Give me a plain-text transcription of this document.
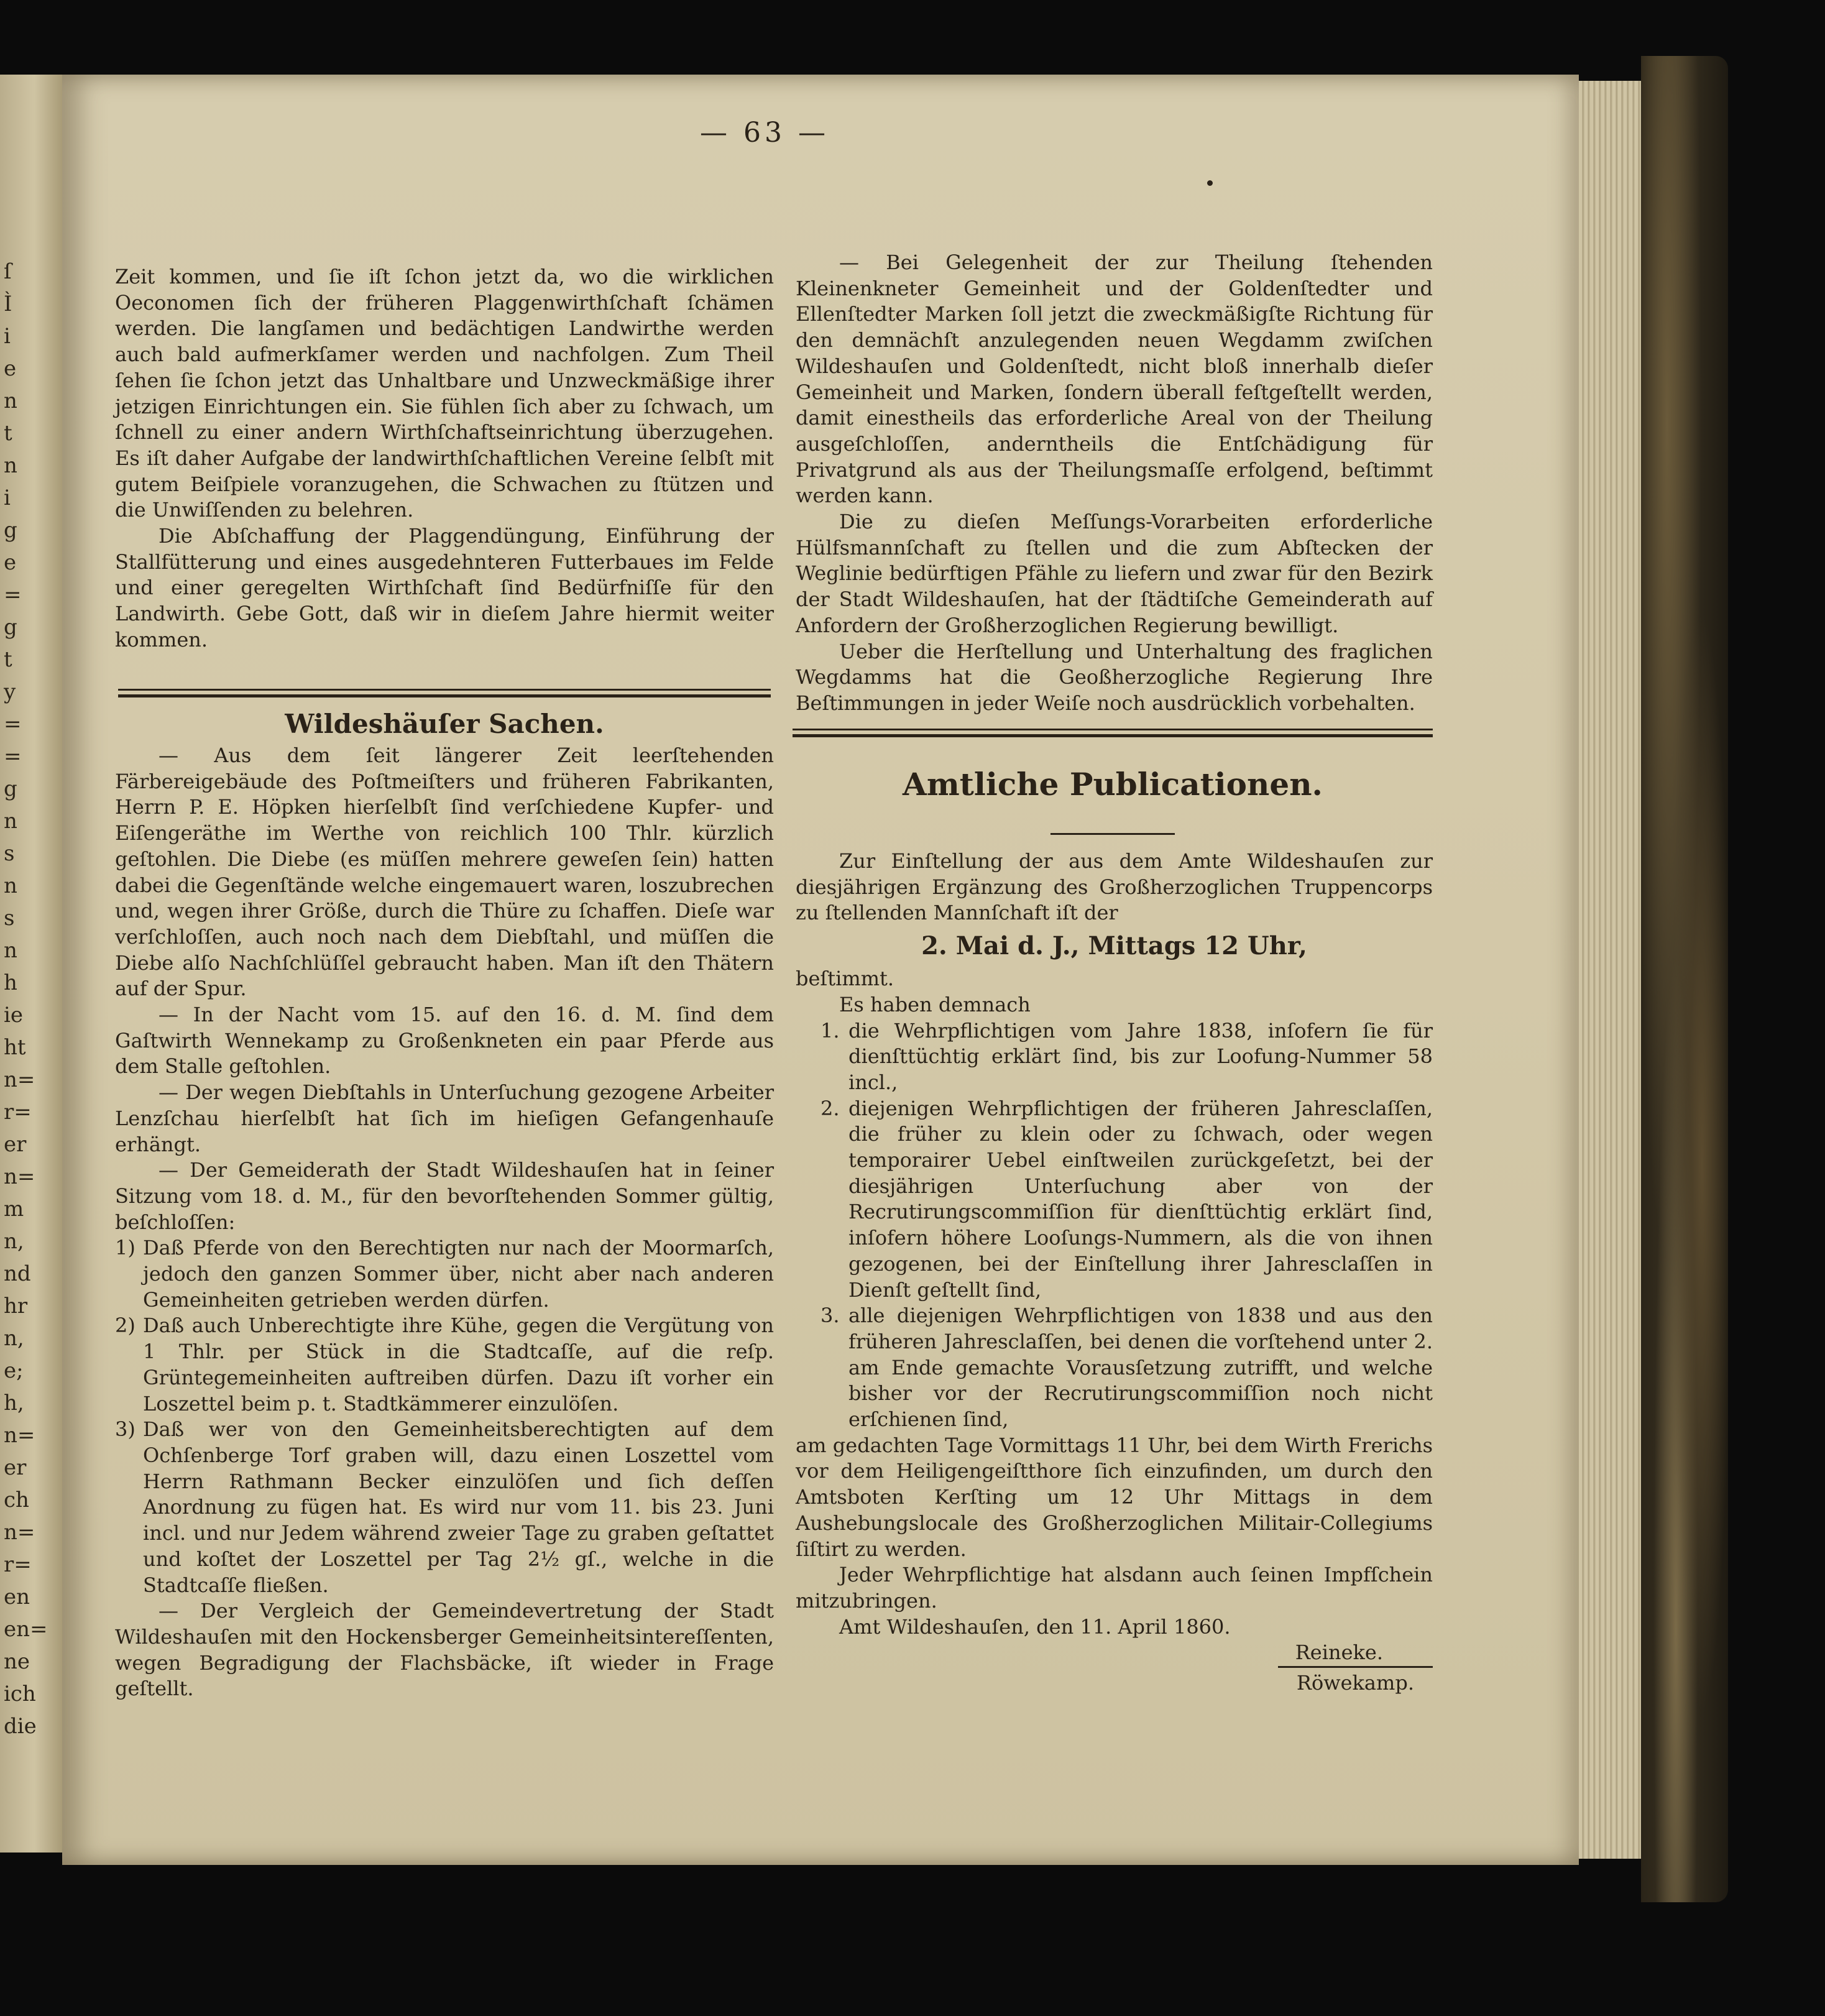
ſ
Ì
i
e
n
t
n
i
g
e
=
g
t
y
=
=
g
n
s
n
s
n
h
ie
ht
n=
r=
er
n=
m
n,
nd
hr
n,
e;
h,
n=
er
ch
n=
r=
en
en=
ne
ich
die
— 63 —

Zeit kommen, und ſie iſt ſchon jetzt da, wo die wirklichen Oeconomen ſich der früheren Plaggenwirthſchaft ſchämen werden. Die langſamen und bedächtigen Landwirthe werden auch bald aufmerkſamer werden und nachfolgen. Zum Theil ſehen ſie ſchon jetzt das Unhaltbare und Unzweckmäßige ihrer jetzigen Einrichtungen ein. Sie fühlen ſich aber zu ſchwach, um ſchnell zu einer andern Wirthſchaftseinrichtung überzugehen. Es iſt daher Aufgabe der landwirthſchaftlichen Vereine ſelbſt mit gutem Beiſpiele voranzugehen, die Schwachen zu ſtützen und die Unwiſſenden zu belehren.

Die Abſchaffung der Plaggendüngung, Einführung der Stallfütterung und eines ausgedehnteren Futterbaues im Felde und einer geregelten Wirthſchaft ſind Bedürfniſſe für den Landwirth. Gebe Gott, daß wir in dieſem Jahre hiermit weiter kommen.

Wildeshäuſer Sachen.

— Aus dem ſeit längerer Zeit leerſtehenden Färbereigebäude des Poſtmeiſters und früheren Fabrikanten, Herrn P. E. Höpken hierſelbſt ſind verſchiedene Kupfer- und Eiſengeräthe im Werthe von reichlich 100 Thlr. kürzlich geſtohlen. Die Diebe (es müſſen mehrere geweſen ſein) hatten dabei die Gegenſtände welche eingemauert waren, loszubrechen und, wegen ihrer Größe, durch die Thüre zu ſchaffen. Dieſe war verſchloſſen, auch noch nach dem Diebſtahl, und müſſen die Diebe alſo Nachſchlüſſel gebraucht haben. Man iſt den Thätern auf der Spur.

— In der Nacht vom 15. auf den 16. d. M. ſind dem Gaſtwirth Wennekamp zu Großenkneten ein paar Pferde aus dem Stalle geſtohlen.

— Der wegen Diebſtahls in Unterſuchung gezogene Arbeiter Lenzſchau hierſelbſt hat ſich im hieſigen Gefangenhauſe erhängt.

— Der Gemeiderath der Stadt Wildeshauſen hat in ſeiner Sitzung vom 18. d. M., für den bevorſtehenden Sommer gültig, beſchloſſen:

1) Daß Pferde von den Berechtigten nur nach der Moormarſch, jedoch den ganzen Sommer über, nicht aber nach anderen Gemeinheiten getrieben werden dürfen.
2) Daß auch Unberechtigte ihre Kühe, gegen die Vergütung von 1 Thlr. per Stück in die Stadtcaſſe, auf die reſp. Grüntegemeinheiten auftreiben dürfen. Dazu iſt vorher ein Loszettel beim p. t. Stadtkämmerer einzulöſen.
3) Daß wer von den Gemeinheitsberechtigten auf dem Ochſenberge Torf graben will, dazu einen Loszettel vom Herrn Rathmann Becker einzulöſen und ſich deſſen Anordnung zu fügen hat. Es wird nur vom 11. bis 23. Juni incl. und nur Jedem während zweier Tage zu graben geſtattet und koſtet der Loszettel per Tag 2½ gſ., welche in die Stadtcaſſe fließen.

— Der Vergleich der Gemeindevertretung der Stadt Wildeshauſen mit den Hockensberger Gemeinheitsintereſſenten, wegen Begradigung der Flachsbäcke, iſt wieder in Frage geſtellt.

— Bei Gelegenheit der zur Theilung ſtehenden Kleinenkneter Gemeinheit und der Goldenſtedter und Ellenſtedter Marken ſoll jetzt die zweckmäßigſte Richtung für den demnächſt anzulegenden neuen Wegdamm zwiſchen Wildeshauſen und Goldenſtedt, nicht bloß innerhalb dieſer Gemeinheit und Marken, ſondern überall feſtgeſtellt werden, damit einestheils das erforderliche Areal von der Theilung ausgeſchloſſen, anderntheils die Entſchädigung für Privatgrund als aus der Theilungsmaſſe erfolgend, beſtimmt werden kann.

Die zu dieſen Meſſungs-Vorarbeiten erforderliche Hülfsmannſchaft zu ſtellen und die zum Abſtecken der Weglinie bedürftigen Pfähle zu liefern und zwar für den Bezirk der Stadt Wildeshauſen, hat der ſtädtiſche Gemeinderath auf Anfordern der Großherzoglichen Regierung bewilligt.

Ueber die Herſtellung und Unterhaltung des fraglichen Wegdamms hat die Geoßherzogliche Regierung Ihre Beſtimmungen in jeder Weiſe noch ausdrücklich vorbehalten.

Amtliche Publicationen.

Zur Einſtellung der aus dem Amte Wildeshauſen zur diesjährigen Ergänzung des Großherzoglichen Truppencorps zu ſtellenden Mannſchaft iſt der

2. Mai d. J., Mittags 12 Uhr,

beſtimmt.

Es haben demnach

1. die Wehrpflichtigen vom Jahre 1838, inſofern ſie für dienſttüchtig erklärt ſind, bis zur Loofung-Nummer 58 incl.,
2. diejenigen Wehrpflichtigen der früheren Jahresclaſſen, die früher zu klein oder zu ſchwach, oder wegen temporairer Uebel einſtweilen zurückgeſetzt, bei der diesjährigen Unterſuchung aber von der Recrutirungscommiſſion für dienſttüchtig erklärt ſind, inſofern höhere Looſungs-Nummern, als die von ihnen gezogenen, bei der Einſtellung ihrer Jahresclaſſen in Dienſt geſtellt ſind,
3. alle diejenigen Wehrpflichtigen von 1838 und aus den früheren Jahresclaſſen, bei denen die vorſtehend unter 2. am Ende gemachte Vorausſetzung zutrifft, und welche bisher vor der Recrutirungscommiſſion noch nicht erſchienen ſind,

am gedachten Tage Vormittags 11 Uhr, bei dem Wirth Frerichs vor dem Heiligengeiſtthore ſich einzufinden, um durch den Amtsboten Kerſting um 12 Uhr Mittags in dem Aushebungslocale des Großherzoglichen Militair-Collegiums ſiſtirt zu werden.

Jeder Wehrpflichtige hat alsdann auch ſeinen Impfſchein mitzubringen.

Amt Wildeshauſen, den 11. April 1860.

Reineke.
Röwekamp.
